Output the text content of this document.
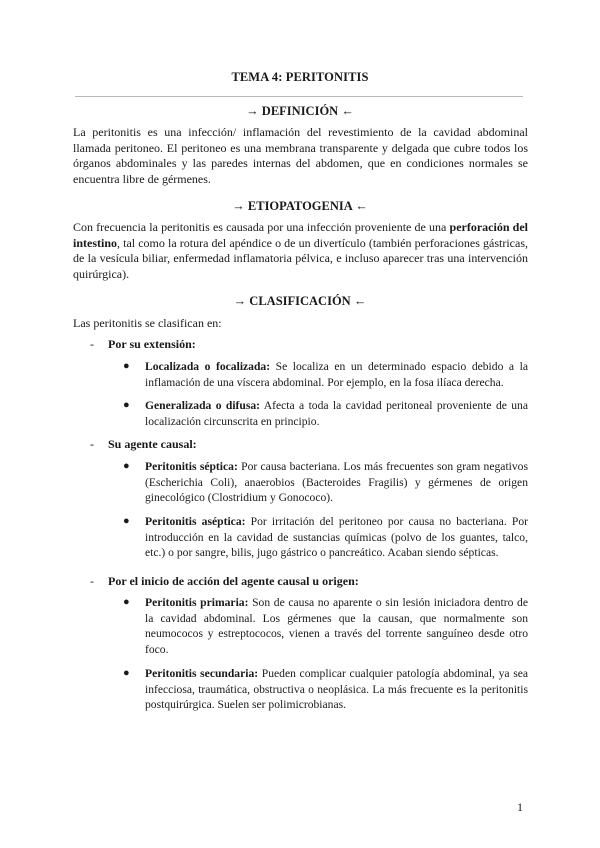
TEMA 4: PERITONITIS
→ DEFINICIÓN ←
La peritonitis es una infección/ inflamación del revestimiento de la cavidad abdominal llamada peritoneo. El peritoneo es una membrana transparente y delgada que cubre todos los órganos abdominales y las paredes internas del abdomen, que en condiciones normales se encuentra libre de gérmenes.
→ ETIOPATOGENIA ←
Con frecuencia la peritonitis es causada por una infección proveniente de una perforación del intestino, tal como la rotura del apéndice o de un divertículo (también perforaciones gástricas, de la vesícula biliar, enfermedad inflamatoria pélvica, e incluso aparecer tras una intervención quirúrgica).
→ CLASIFICACIÓN ←
Las peritonitis se clasifican en:
- Por su extensión:
● Localizada o focalizada: Se localiza en un determinado espacio debido a la inflamación de una víscera abdominal. Por ejemplo, en la fosa ilíaca derecha.
● Generalizada o difusa: Afecta a toda la cavidad peritoneal proveniente de una localización circunscrita en principio.
- Su agente causal:
● Peritonitis séptica: Por causa bacteriana. Los más frecuentes son gram negativos (Escherichia Coli), anaerobios (Bacteroides Fragilis) y gérmenes de origen ginecológico (Clostridium y Gonococo).
● Peritonitis aséptica: Por irritación del peritoneo por causa no bacteriana. Por introducción en la cavidad de sustancias químicas (polvo de los guantes, talco, etc.) o por sangre, bilis, jugo gástrico o pancreático. Acaban siendo sépticas.
- Por el inicio de acción del agente causal u origen:
● Peritonitis primaria: Son de causa no aparente o sin lesión iniciadora dentro de la cavidad abdominal. Los gérmenes que la causan, que normalmente son neumococos y estreptococos, vienen a través del torrente sanguíneo desde otro foco.
● Peritonitis secundaria: Pueden complicar cualquier patología abdominal, ya sea infecciosa, traumática, obstructiva o neoplásica. La más frecuente es la peritonitis postquirúrgica. Suelen ser polimicrobianas.
1
